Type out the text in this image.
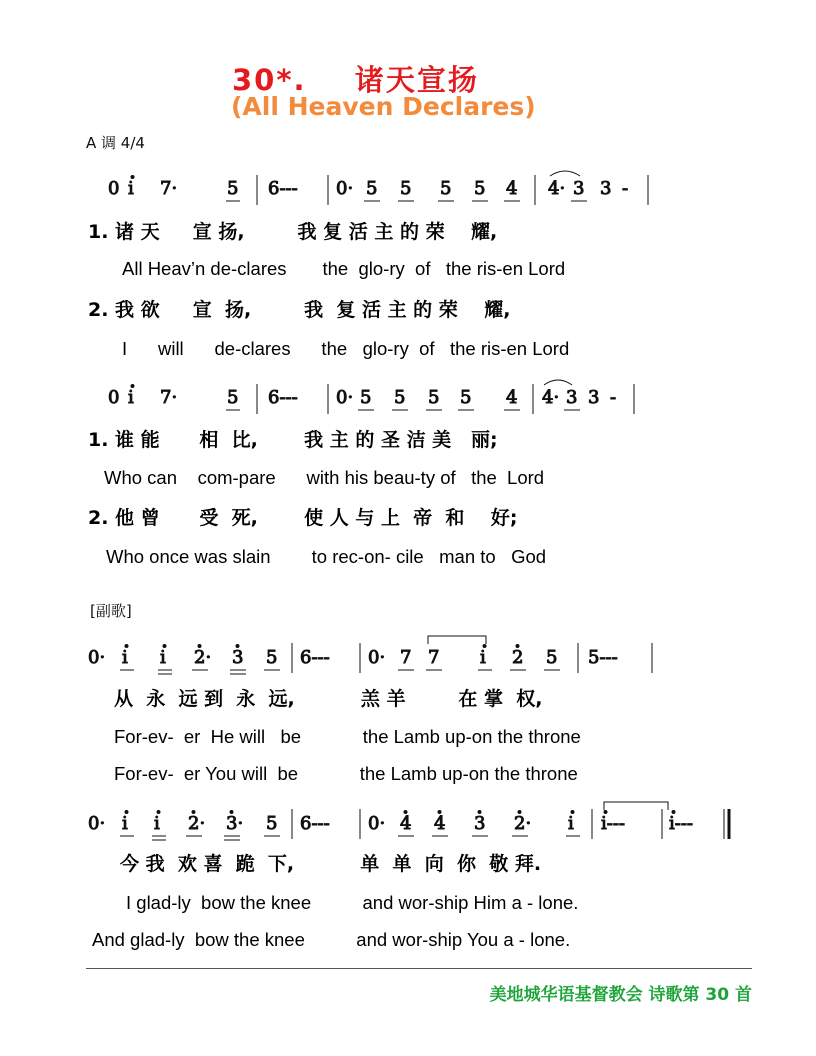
30*.    诸天宣扬
(All Heaven Declares)
A 调 4/4
0 i 7·	5 6--- 0· 5 5 5 5 4 4· 3 3 -
0 i 7·	5 6--- 0· 5 5 5 5 4 4· 3 3 -
0· i i 2· 3 5 6--- 0· 7 7 i 2 5 5---
0· i i 2· 3· 5 6--- 0· 4 4 3 2· i i--- i---
1. 诸 天     宣 扬,        我 复 活 主 的 荣    耀,
All Heav’n de-clares       the  glo-ry  of   the ris-en Lord
2. 我 欲     宣  扬,        我  复 活 主 的 荣    耀,
I      will      de-clares      the   glo-ry  of   the ris-en Lord
1. 谁 能      相  比,       我 主 的 圣 洁 美   丽;
Who can    com-pare      with his beau-ty of   the  Lord
2. 他 曾      受  死,       使 人 与 上  帝  和    好;
Who once was slain        to rec-on- cile   man to   God
从  永  远 到  永  远,          羔 羊        在 掌  权,
For-ev-  er  He will   be            the Lamb up-on the throne
For-ev-  er You will  be            the Lamb up-on the throne
今 我  欢 喜  跪  下,          单  单  向  你  敬 拜.
I glad-ly  bow the knee          and wor-ship Him a - lone.
And glad-ly  bow the knee          and wor-ship You a - lone.
[副歌]
美地城华语基督教会 诗歌第 30 首
